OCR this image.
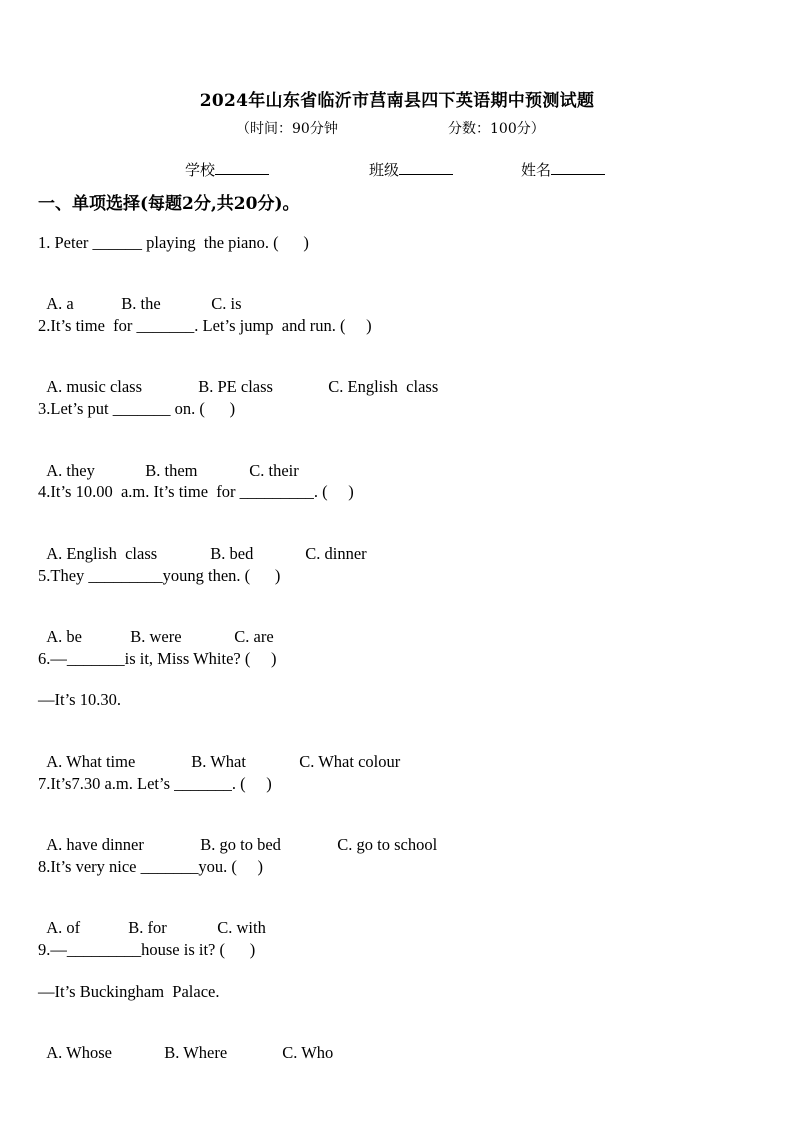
2024年山东省临沂市莒南县四下英语期中预测试题
（时间：90分钟	分数：100分）
学校	班级	姓名
一、单项选择(每题2分,共20分)。
1. Peter ______ playing  the piano. (      )

A. a	B. the	C. is

2.It’s time  for _______. Let’s jump  and run. (     )

A. music class	B. PE class	C. English  class

3.Let’s put _______ on. (      )

A. they	B. them	C. their

4.It’s 10.00  a.m. It’s time  for _________. (     )

A. English  class	B. bed	C. dinner

5.They _________young then. (      )

A. be	B. were	C. are

6.—_______is it, Miss White? (     )
—It’s 10.30.

A. What time	B. What	C. What colour

7.It’s7.30 a.m. Let’s _______. (     )

A. have dinner	B. go to bed	C. go to school

8.It’s very nice _______you. (     )

A. of	B. for	C. with

9.—_________house is it? (      )
—It’s Buckingham  Palace.

A. Whose	B. Where	C. Who
